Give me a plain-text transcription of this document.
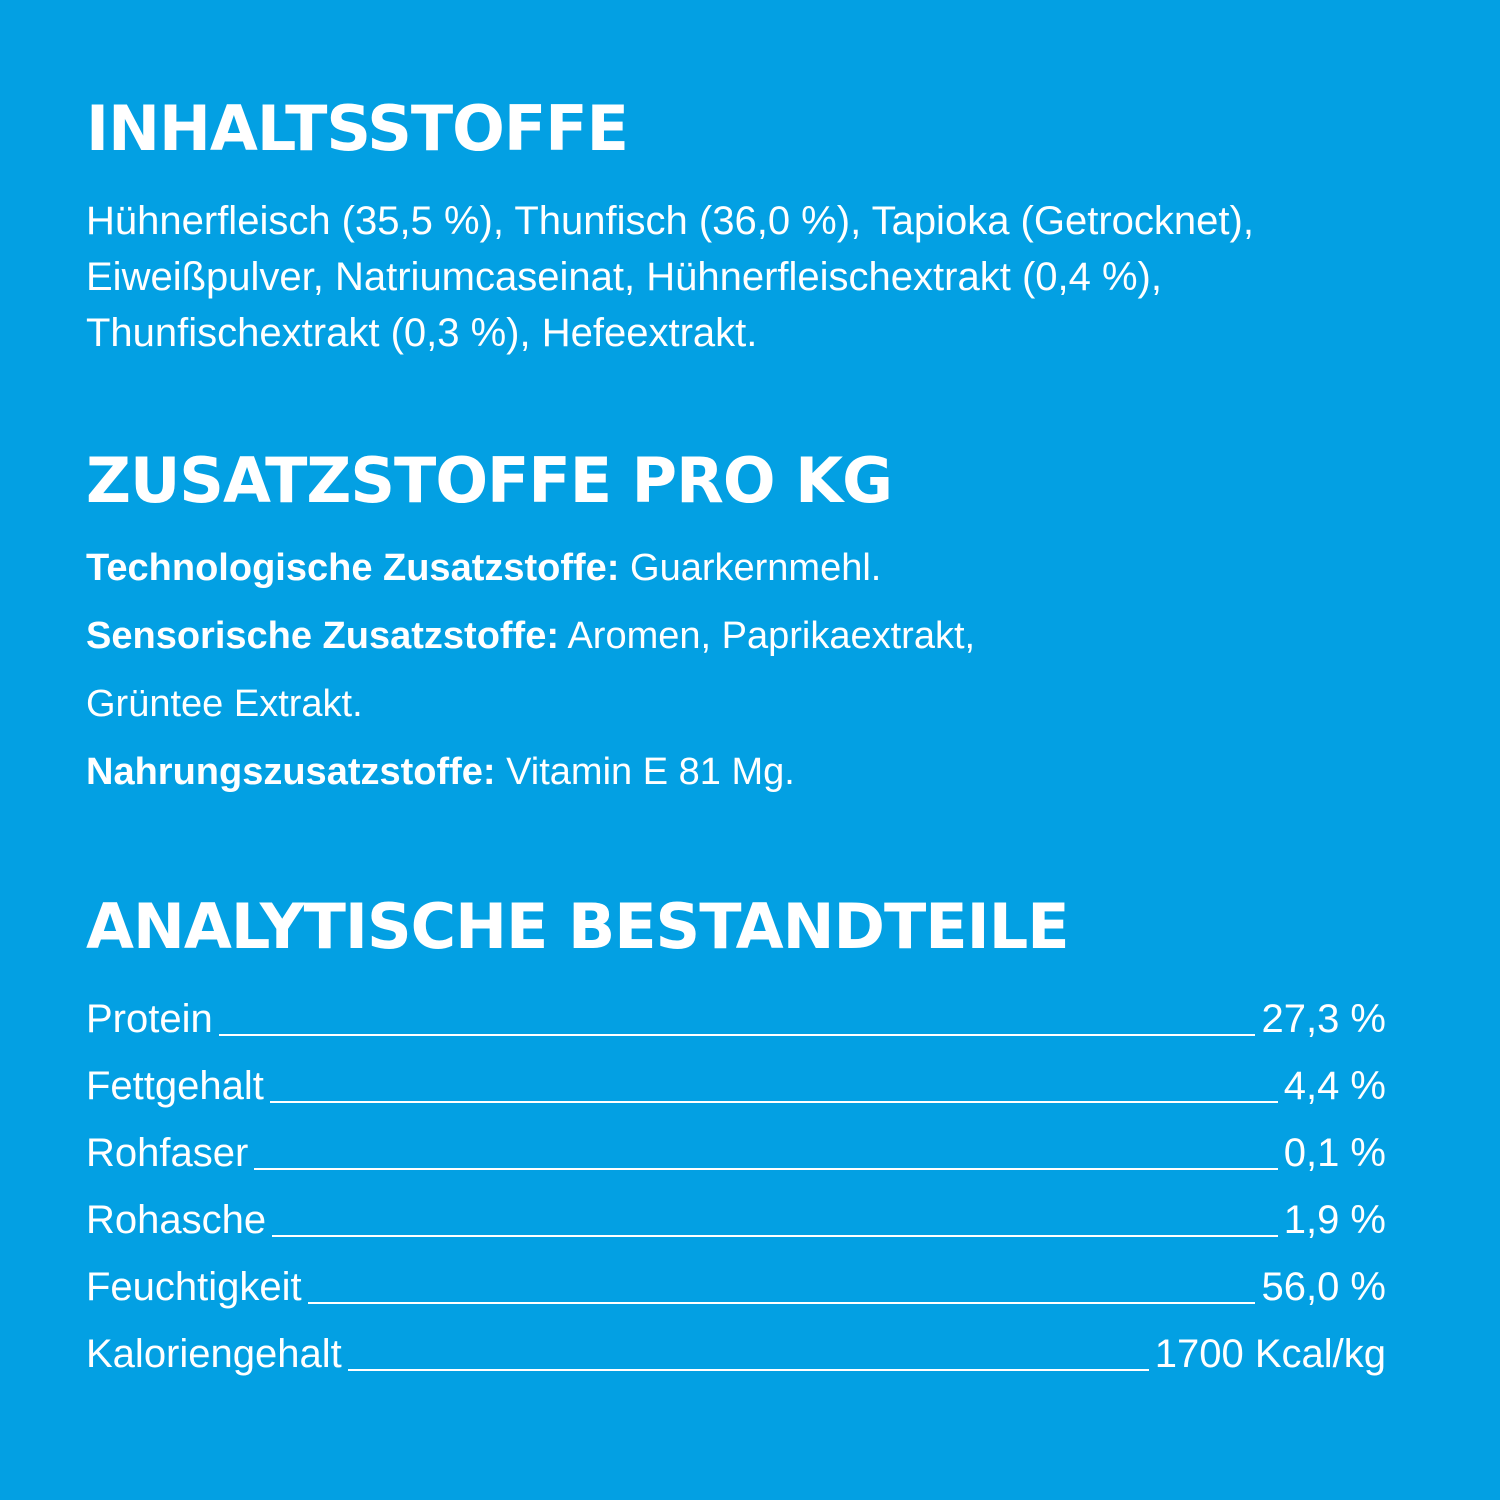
INHALTSSTOFFE

Hühnerfleisch (35,5 %), Thunfisch (36,0 %), Tapioka (Getrocknet),

Eiweißpulver, Natriumcaseinat, Hühnerfleischextrakt (0,4 %),

Thunfischextrakt (0,3 %), Hefeextrakt.

ZUSATZSTOFFE PRO KG

Technologische Zusatzstoffe: Guarkernmehl.

Sensorische Zusatzstoffe: Aromen, Paprikaextrakt,

Grüntee Extrakt.

Nahrungszusatzstoffe: Vitamin E 81 Mg.

ANALYTISCHE BESTANDTEILE
Protein	27,3 %
Fettgehalt	4,4 %
Rohfaser	0,1 %
Rohasche	1,9 %
Feuchtigkeit	56,0 %
Kaloriengehalt	1700 Kcal/kg
